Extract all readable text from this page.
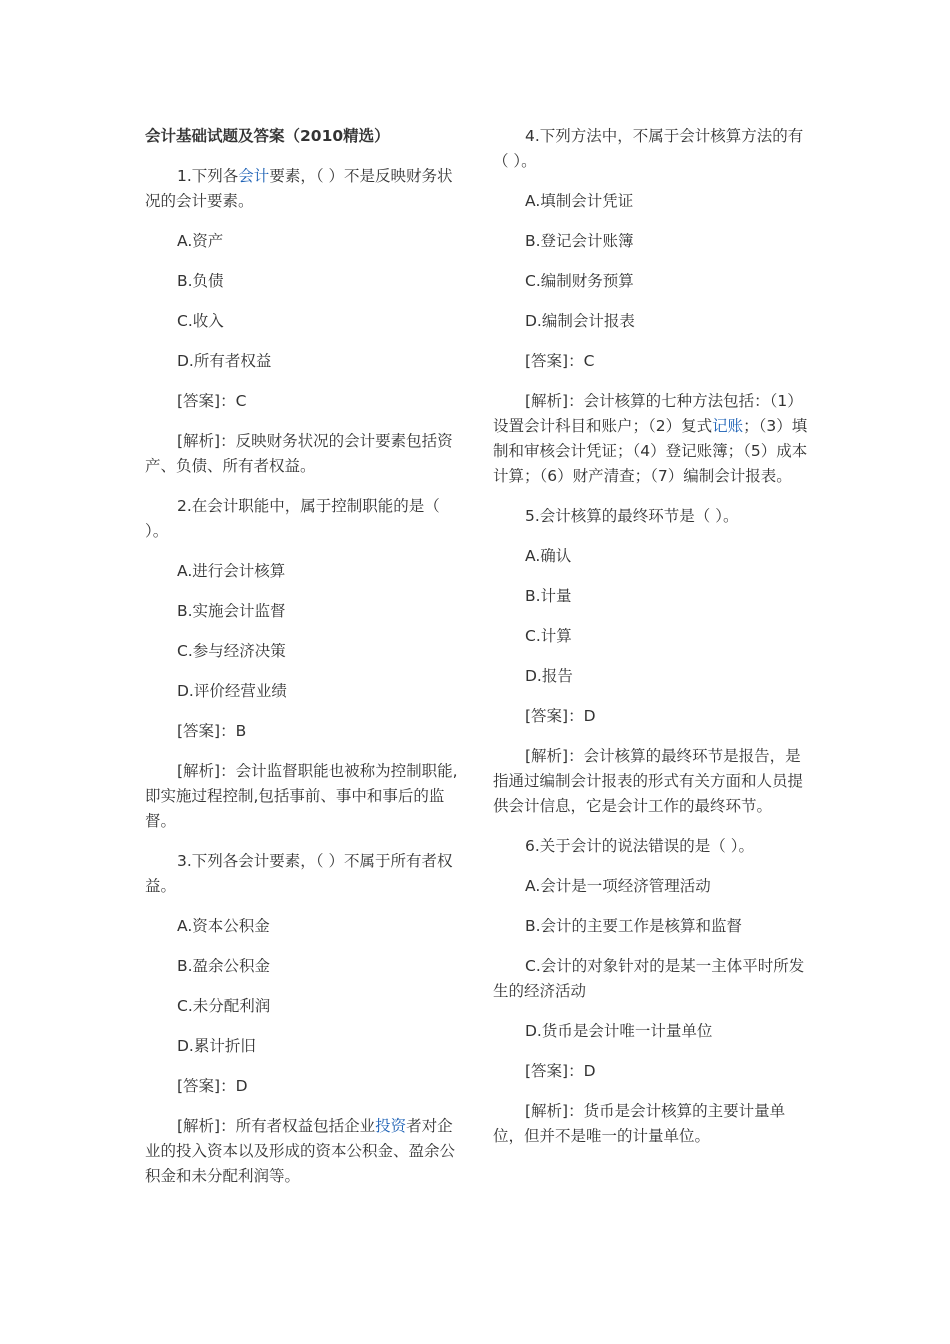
会计基础试题及答案（2010精选）

1.下列各会计要素，（ ）不是反映财务状况的会计要素。

A.资产

B.负债

C.收入

D.所有者权益

[答案]：C

[解析]：反映财务状况的会计要素包括资产、负债、所有者权益。

2.在会计职能中，属于控制职能的是（ ）。

A.进行会计核算

B.实施会计监督

C.参与经济决策

D.评价经营业绩

[答案]：B

[解析]：会计监督职能也被称为控制职能,即实施过程控制,包括事前、事中和事后的监督。

3.下列各会计要素，（ ）不属于所有者权益。

A.资本公积金

B.盈余公积金

C.未分配利润

D.累计折旧

[答案]：D

[解析]：所有者权益包括企业投资者对企业的投入资本以及形成的资本公积金、盈余公积金和未分配利润等。

4.下列方法中，不属于会计核算方法的有（ ）。

A.填制会计凭证

B.登记会计账簿

C.编制财务预算

D.编制会计报表

[答案]：C

[解析]：会计核算的七种方法包括：（1）设置会计科目和账户；（2）复式记账；（3）填制和审核会计凭证；（4）登记账簿；（5）成本计算；（6）财产清查；（7）编制会计报表。

5.会计核算的最终环节是（ ）。

A.确认

B.计量

C.计算

D.报告

[答案]：D

[解析]：会计核算的最终环节是报告，是指通过编制会计报表的形式有关方面和人员提供会计信息，它是会计工作的最终环节。

6.关于会计的说法错误的是（ ）。

A.会计是一项经济管理活动

B.会计的主要工作是核算和监督

C.会计的对象针对的是某一主体平时所发生的经济活动

D.货币是会计唯一计量单位

[答案]：D

[解析]：货币是会计核算的主要计量单位，但并不是唯一的计量单位。
